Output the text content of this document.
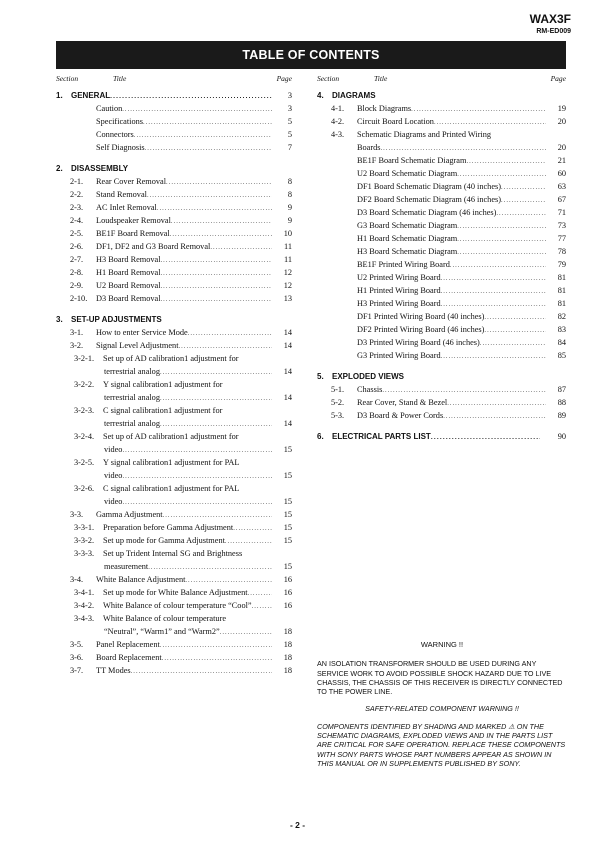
WAX3F
RM-ED009
TABLE OF CONTENTS
Section	Title	Page
1. GENERAL . . .	3
Caution . . .	3
Specifications . . .	5
Connectors . . .	5
Self Diagnosis . . .	7
2. DISASSEMBLY
2-1. Rear Cover Removal . . .	8
2-2. Stand Removal . . .	8
2-3. AC Inlet Removal . . .	9
2-4. Loudspeaker Removal . . .	9
2-5. BE1F Board Removal . . .	10
2-6. DF1, DF2 and G3 Board Removal . . .	11
2-7. H3 Board Removal . . .	11
2-8. H1 Board Removal . . .	12
2-9. U2 Board Removal . . .	12
2-10. D3 Board Removal . . .	13
3. SET-UP ADJUSTMENTS
3-1. How to enter Service Mode . . .	14
3-2. Signal Level Adjustment . . .	14
3-2-1. Set up of AD calibration1 adjustment for
terrestrial analog . . .	14
3-2-2. Y signal calibration1 adjustment for
terrestrial analog . . .	14
3-2-3. C signal calibration1 adjustment for
terrestrial analog . . .	14
3-2-4. Set up of AD calibration1 adjustment for
video . . .	15
3-2-5. Y signal calibration1 adjustment for PAL
video . . .	15
3-2-6. C signal calibration1 adjustment for PAL
video . . .	15
3-3. Gamma Adjustment . . .	15
3-3-1. Preparation before Gamma Adjustment . . .	15
3-3-2. Set up mode for Gamma Adjustment . . .	15
3-3-3. Set up Trident Internal SG and Brightness
measurement . . .	15
3-4. White Balance Adjustment . . .	16
3-4-1. Set up mode for White Balance Adjustment . . .	16
3-4-2. White Balance of colour temperature “Cool” . . .	16
3-4-3. White Balance of colour temperature
“Neutral”, “Warm1” and “Warm2” . . .	18
3-5. Panel Replacement . . .	18
3-6. Board Replacement . . .	18
3-7. TT Modes . . .	18
Section	Title	Page
4. DIAGRAMS
4-1. Block Diagrams . . .	19
4-2. Circuit Board Location . . .	20
4-3. Schematic Diagrams and Printed Wiring
Boards . . .	20
BE1F Board Schematic Diagram . . .	21
U2 Board Schematic Diagram . . .	60
DF1 Board Schematic Diagram (40 inches) . . .	63
DF2 Board Schematic Diagram (46 inches) . . .	67
D3 Board Schematic Diagram (46 inches) . . .	71
G3 Board Schematic Diagram . . .	73
H1 Board Schematic Diagram . . .	77
H3 Board Schematic Diagram . . .	78
BE1F Printed Wiring Board . . .	79
U2 Printed Wiring Board . . .	81
H1 Printed Wiring Board . . .	81
H3 Printed Wiring Board . . .	81
DF1 Printed Wiring Board (40 inches) . . .	82
DF2 Printed Wiring Board (46 inches) . . .	83
D3 Printed Wiring Board (46 inches) . . .	84
G3 Printed Wiring Board . . .	85
5. EXPLODED VIEWS
5-1. Chassis . . .	87
5-2. Rear Cover, Stand & Bezel . . .	88
5-3. D3 Board & Power Cords . . .	89
6. ELECTRICAL PARTS LIST . . .	90
WARNING !!
AN ISOLATION TRANSFORMER SHOULD BE USED DURING ANY SERVICE WORK TO AVOID POSSIBLE SHOCK HAZARD DUE TO LIVE CHASSIS, THE CHASSIS OF THIS RECEIVER IS DIRECTLY CONNECTED TO THE POWER LINE.
SAFETY-RELATED COMPONENT WARNING !!
COMPONENTS IDENTIFIED BY SHADING AND MARKED ⚠ ON THE SCHEMATIC DIAGRAMS, EXPLODED VIEWS AND IN THE PARTS LIST ARE CRITICAL FOR SAFE OPERATION. REPLACE THESE COMPONENTS WITH SONY PARTS WHOSE PART NUMBERS APPEAR AS SHOWN IN THIS MANUAL OR IN SUPPLEMENTS PUBLISHED BY SONY.
- 2 -
